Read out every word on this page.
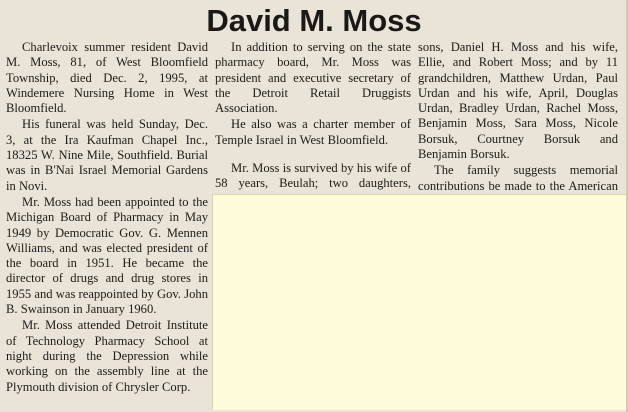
David M. Moss

Charlevoix summer resident David M. Moss, 81, of West Bloomfield Township, died Dec. 2, 1995, at Windemere Nursing Home in West Bloomfield.

His funeral was held Sunday, Dec. 3, at the Ira Kaufman Chapel Inc., 18325 W. Nine Mile, Southfield. Burial was in B'Nai Israel Memorial Gardens in Novi.

Mr. Moss had been appointed to the Michigan Board of Pharmacy in May 1949 by Democratic Gov. G. Mennen Williams, and was elected president of the board in 1951. He became the director of drugs and drug stores in 1955 and was reappointed by Gov. John B. Swainson in January 1960.

Mr. Moss attended Detroit Institute of Technology Pharmacy School at night during the Depression while working on the assembly line at the Plymouth division of Chrysler Corp.

In addition to serving on the state pharmacy board, Mr. Moss was president and executive secretary of the Detroit Retail Druggists Association.

He also was a charter member of Temple Israel in West Bloomfield.

Mr. Moss is survived by his wife of 58 years, Beulah; two daughters,

sons, Daniel H. Moss and his wife, Ellie, and Robert Moss; and by 11 grandchildren, Matthew Urdan, Paul Urdan and his wife, April, Douglas Urdan, Bradley Urdan, Rachel Moss, Benjamin Moss, Sara Moss, Nicole Borsuk, Courtney Borsuk and Benjamin Borsuk.

The family suggests memorial contributions be made to the American
